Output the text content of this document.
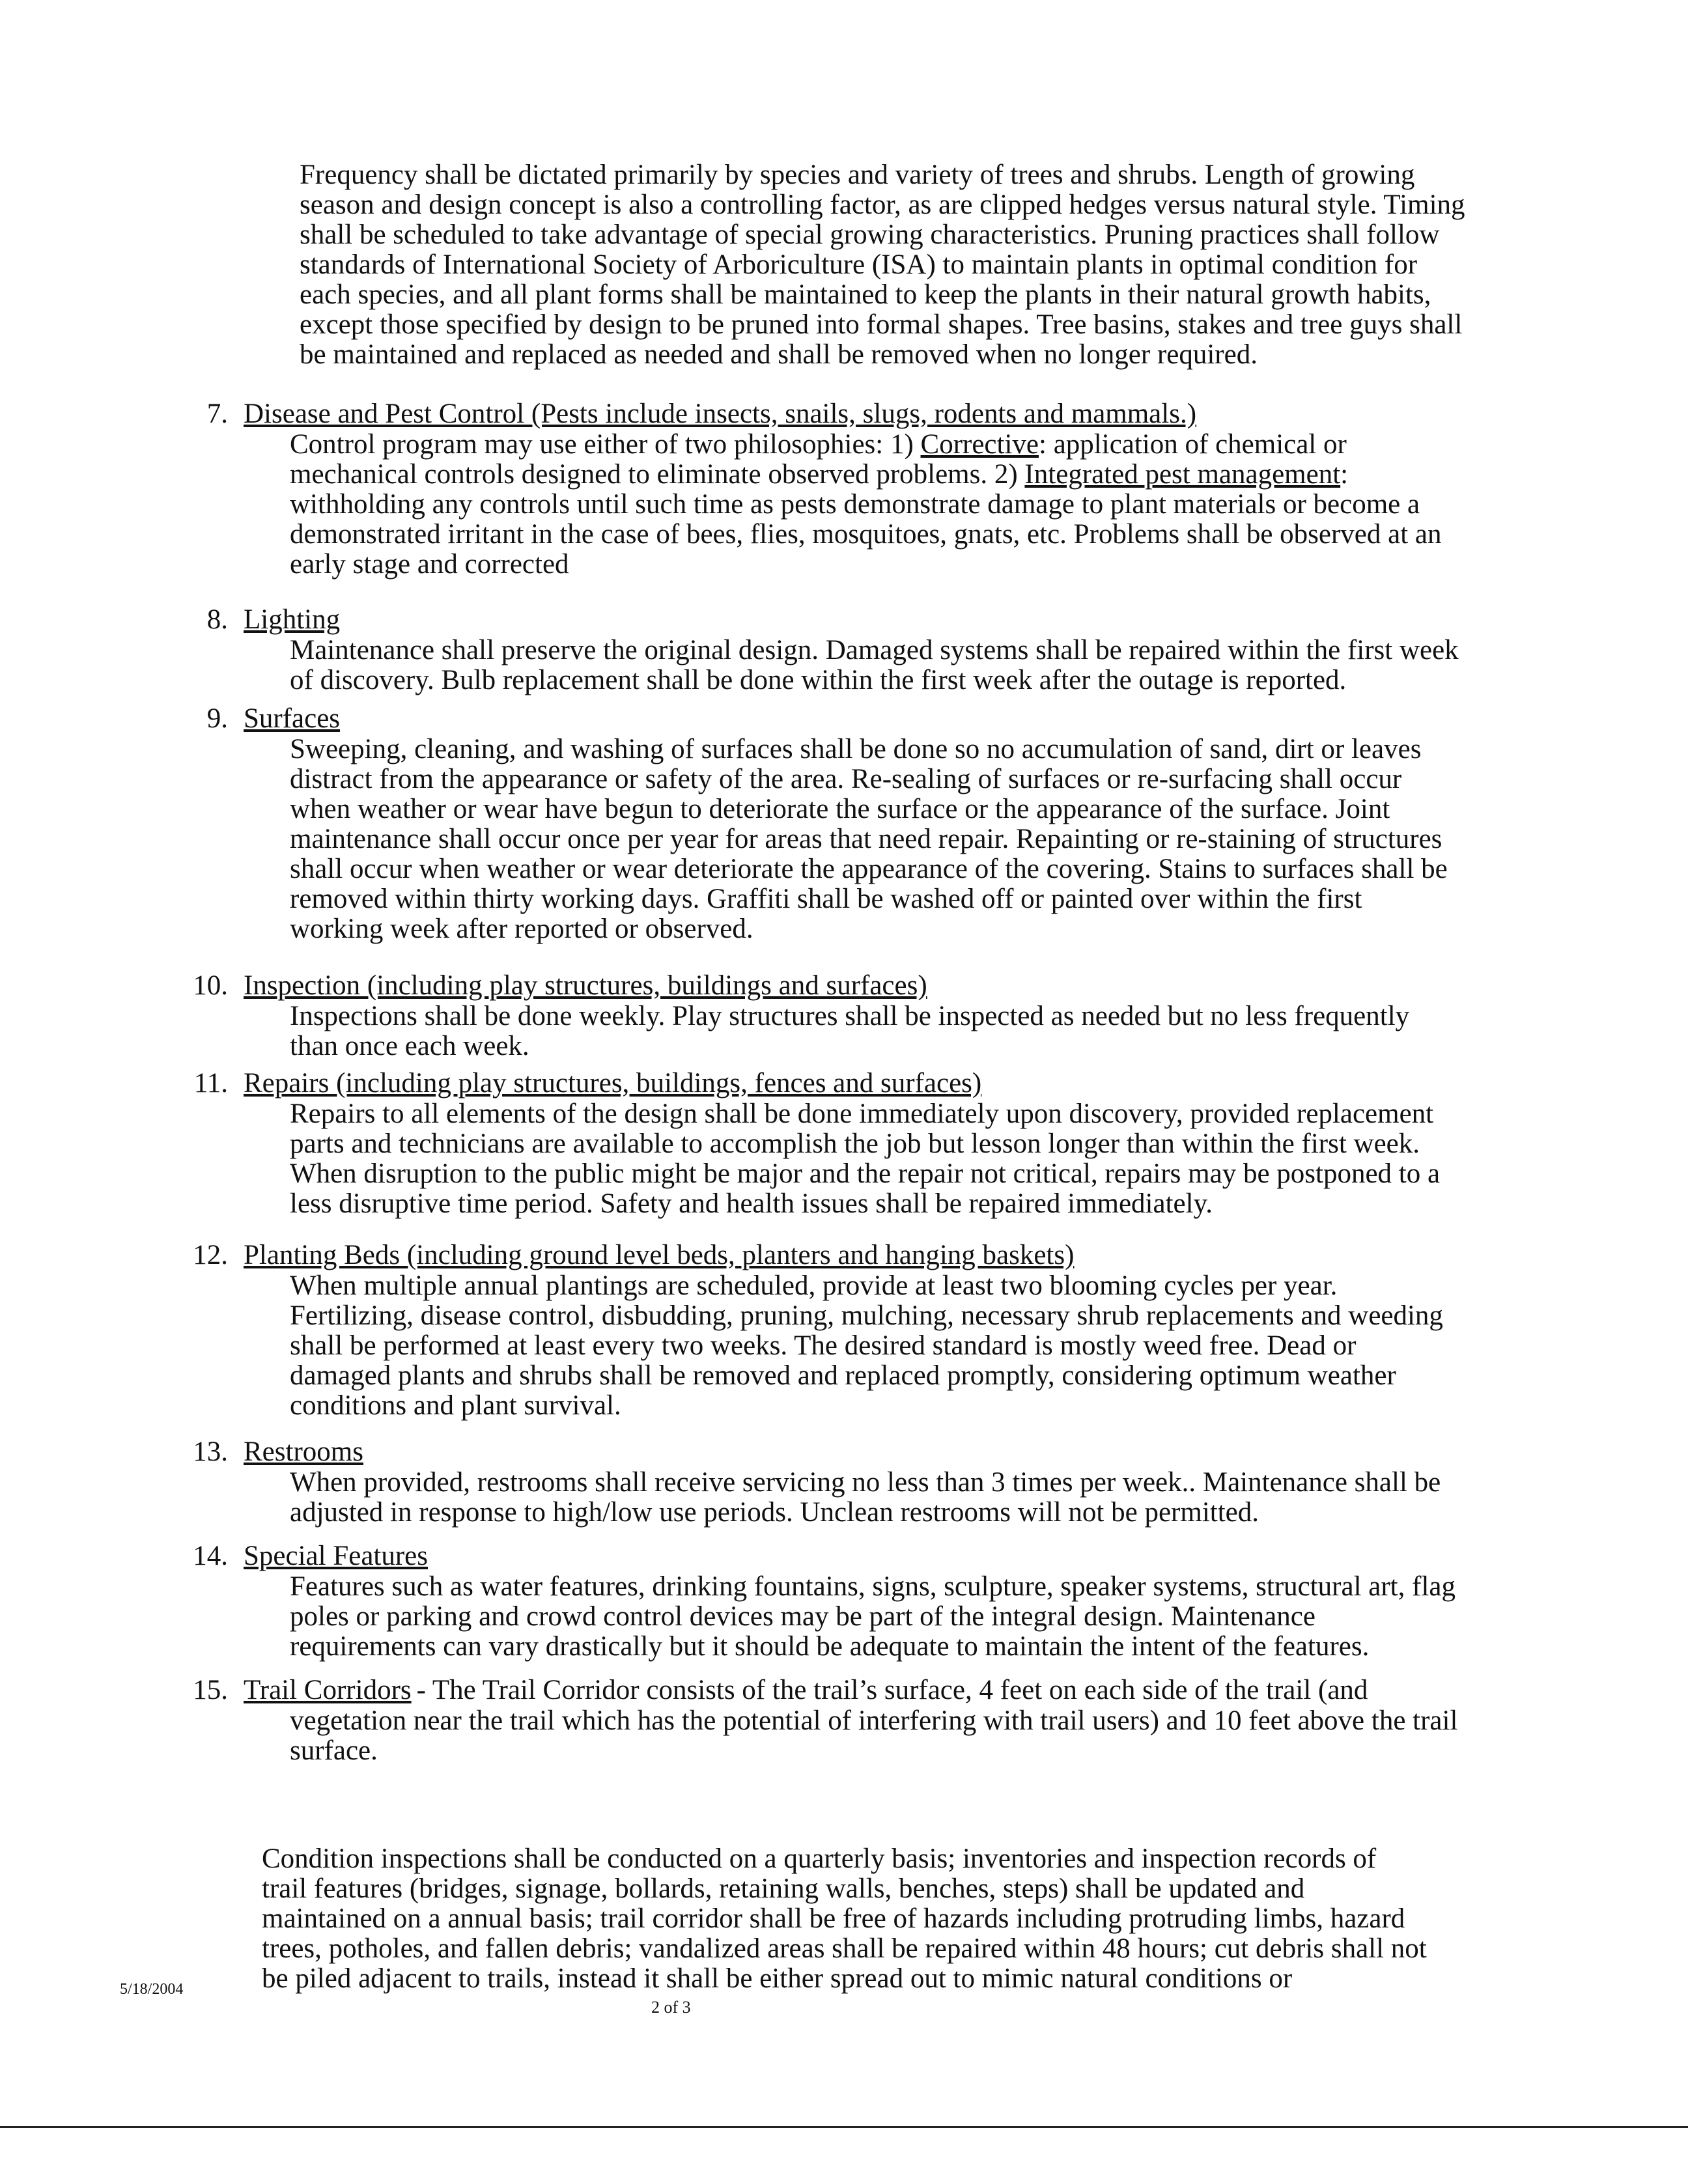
Frequency shall be dictated primarily by species and variety of trees and shrubs. Length of growing season and design concept is also a controlling factor, as are clipped hedges versus natural style. Timing shall be scheduled to take advantage of special growing characteristics. Pruning practices shall follow standards of International Society of Arboriculture (ISA) to maintain plants in optimal condition for each species, and all plant forms shall be maintained to keep the plants in their natural growth habits, except those specified by design to be pruned into formal shapes. Tree basins, stakes and tree guys shall be maintained and replaced as needed and shall be removed when no longer required.

7. Disease and Pest Control (Pests include insects, snails, slugs, rodents and mammals.)
Control program may use either of two philosophies: 1) Corrective: application of chemical or mechanical controls designed to eliminate observed problems. 2) Integrated pest management: withholding any controls until such time as pests demonstrate damage to plant materials or become a demonstrated irritant in the case of bees, flies, mosquitoes, gnats, etc. Problems shall be observed at an early stage and corrected
8. Lighting
Maintenance shall preserve the original design. Damaged systems shall be repaired within the first week of discovery. Bulb replacement shall be done within the first week after the outage is reported.
9. Surfaces
Sweeping, cleaning, and washing of surfaces shall be done so no accumulation of sand, dirt or leaves distract from the appearance or safety of the area. Re-sealing of surfaces or re-surfacing shall occur when weather or wear have begun to deteriorate the surface or the appearance of the surface. Joint maintenance shall occur once per year for areas that need repair. Repainting or re-staining of structures shall occur when weather or wear deteriorate the appearance of the covering. Stains to surfaces shall be removed within thirty working days. Graffiti shall be washed off or painted over within the first working week after reported or observed.
10. Inspection (including play structures, buildings and surfaces)
Inspections shall be done weekly. Play structures shall be inspected as needed but no less frequently than once each week.
11. Repairs (including play structures, buildings, fences and surfaces)
Repairs to all elements of the design shall be done immediately upon discovery, provided replacement parts and technicians are available to accomplish the job but lesson longer than within the first week. When disruption to the public might be major and the repair not critical, repairs may be postponed to a less disruptive time period. Safety and health issues shall be repaired immediately.
12. Planting Beds (including ground level beds, planters and hanging baskets)
When multiple annual plantings are scheduled, provide at least two blooming cycles per year. Fertilizing, disease control, disbudding, pruning, mulching, necessary shrub replacements and weeding shall be performed at least every two weeks. The desired standard is mostly weed free. Dead or damaged plants and shrubs shall be removed and replaced promptly, considering optimum weather conditions and plant survival.
13. Restrooms
When provided, restrooms shall receive servicing no less than 3 times per week.. Maintenance shall be adjusted in response to high/low use periods. Unclean restrooms will not be permitted.
14. Special Features
Features such as water features, drinking fountains, signs, sculpture, speaker systems, structural art, flag poles or parking and crowd control devices may be part of the integral design. Maintenance requirements can vary drastically but it should be adequate to maintain the intent of the features.
15. Trail Corridors - The Trail Corridor consists of the trail’s surface, 4 feet on each side of the trail (and
vegetation near the trail which has the potential of interfering with trail users) and 10 feet above the trail surface.
Condition inspections shall be conducted on a quarterly basis; inventories and inspection records of trail features (bridges, signage, bollards, retaining walls, benches, steps) shall be updated and maintained on a annual basis; trail corridor shall be free of hazards including protruding limbs, hazard trees, potholes, and fallen debris; vandalized areas shall be repaired within 48 hours; cut debris shall not be piled adjacent to trails, instead it shall be either spread out to mimic natural conditions or
5/18/2004
2 of 3
